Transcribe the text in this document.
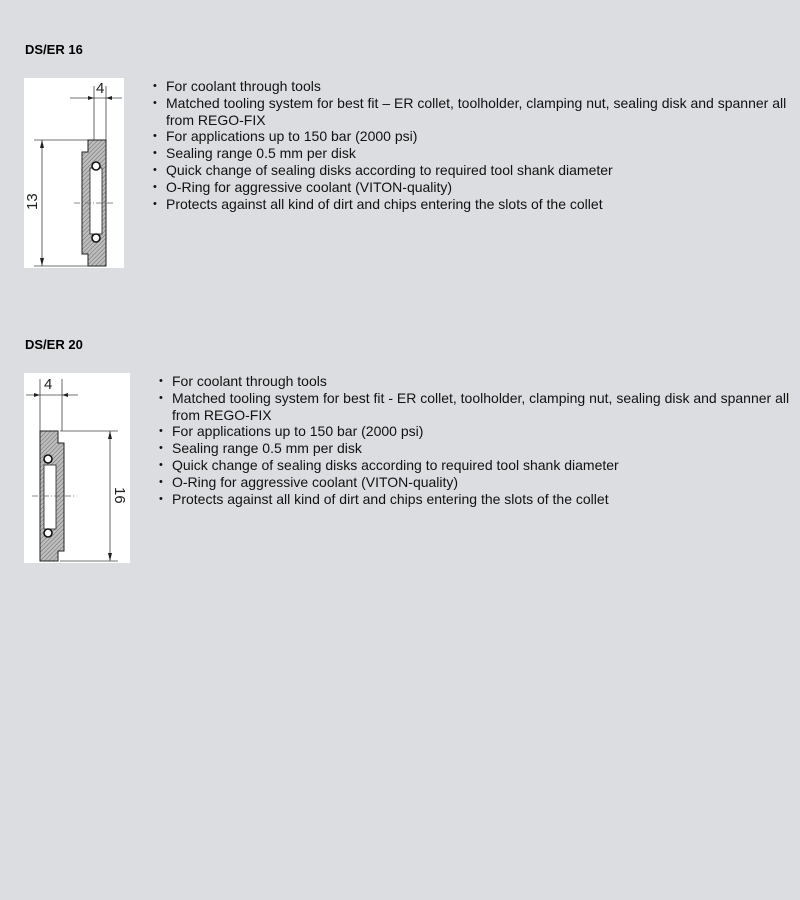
DS/ER 16
4
13
• For coolant through tools
• Matched tooling system for best fit – ER collet, toolholder, clamping nut, sealing disk and spanner all from REGO-FIX
• For applications up to 150 bar (2000 psi)
• Sealing range 0.5 mm per disk
• Quick change of sealing disks according to required tool shank diameter
• O-Ring for aggressive coolant (VITON-quality)
• Protects against all kind of dirt and chips entering the slots of the collet
DS/ER 20
4
16
• For coolant through tools
• Matched tooling system for best fit - ER collet, toolholder, clamping nut, sealing disk and spanner all from REGO-FIX
• For applications up to 150 bar (2000 psi)
• Sealing range 0.5 mm per disk
• Quick change of sealing disks according to required tool shank diameter
• O-Ring for aggressive coolant (VITON-quality)
• Protects against all kind of dirt and chips entering the slots of the collet
